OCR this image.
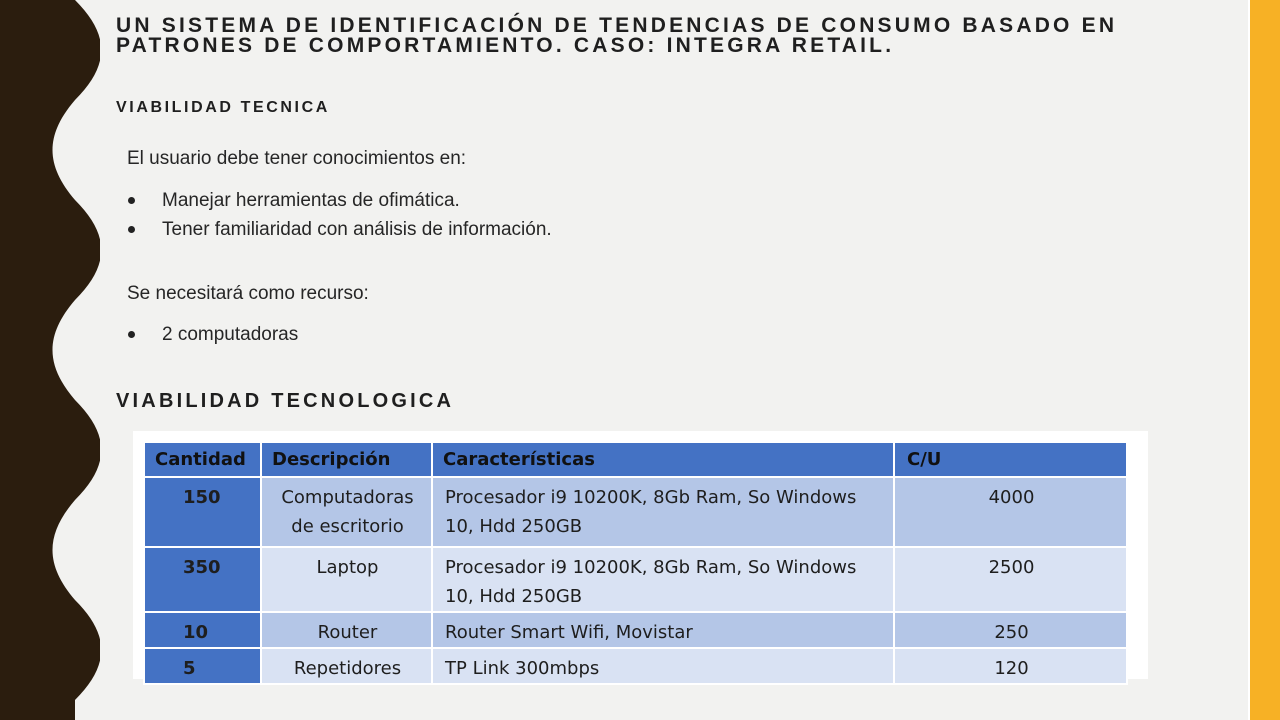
UN SISTEMA DE IDENTIFICACIÓN DE TENDENCIAS DE CONSUMO BASADO EN PATRONES DE COMPORTAMIENTO. CASO: INTEGRA RETAIL.
VIABILIDAD TECNICA

El usuario debe tener conocimientos en:

Manejar herramientas de ofimática.
Tener familiaridad con análisis de información.

Se necesitará como recurso:

2 computadoras
VIABILIDAD TECNOLOGICA
Cantidad	Descripción	Características	C/U
150	Computadoras de escritorio	Procesador i9 10200K, 8Gb Ram, So Windows 10, Hdd 250GB	4000
350	Laptop	Procesador i9 10200K, 8Gb Ram, So Windows 10, Hdd 250GB	2500
10	Router	Router Smart Wifi, Movistar	250
5	Repetidores	TP Link 300mbps	120
